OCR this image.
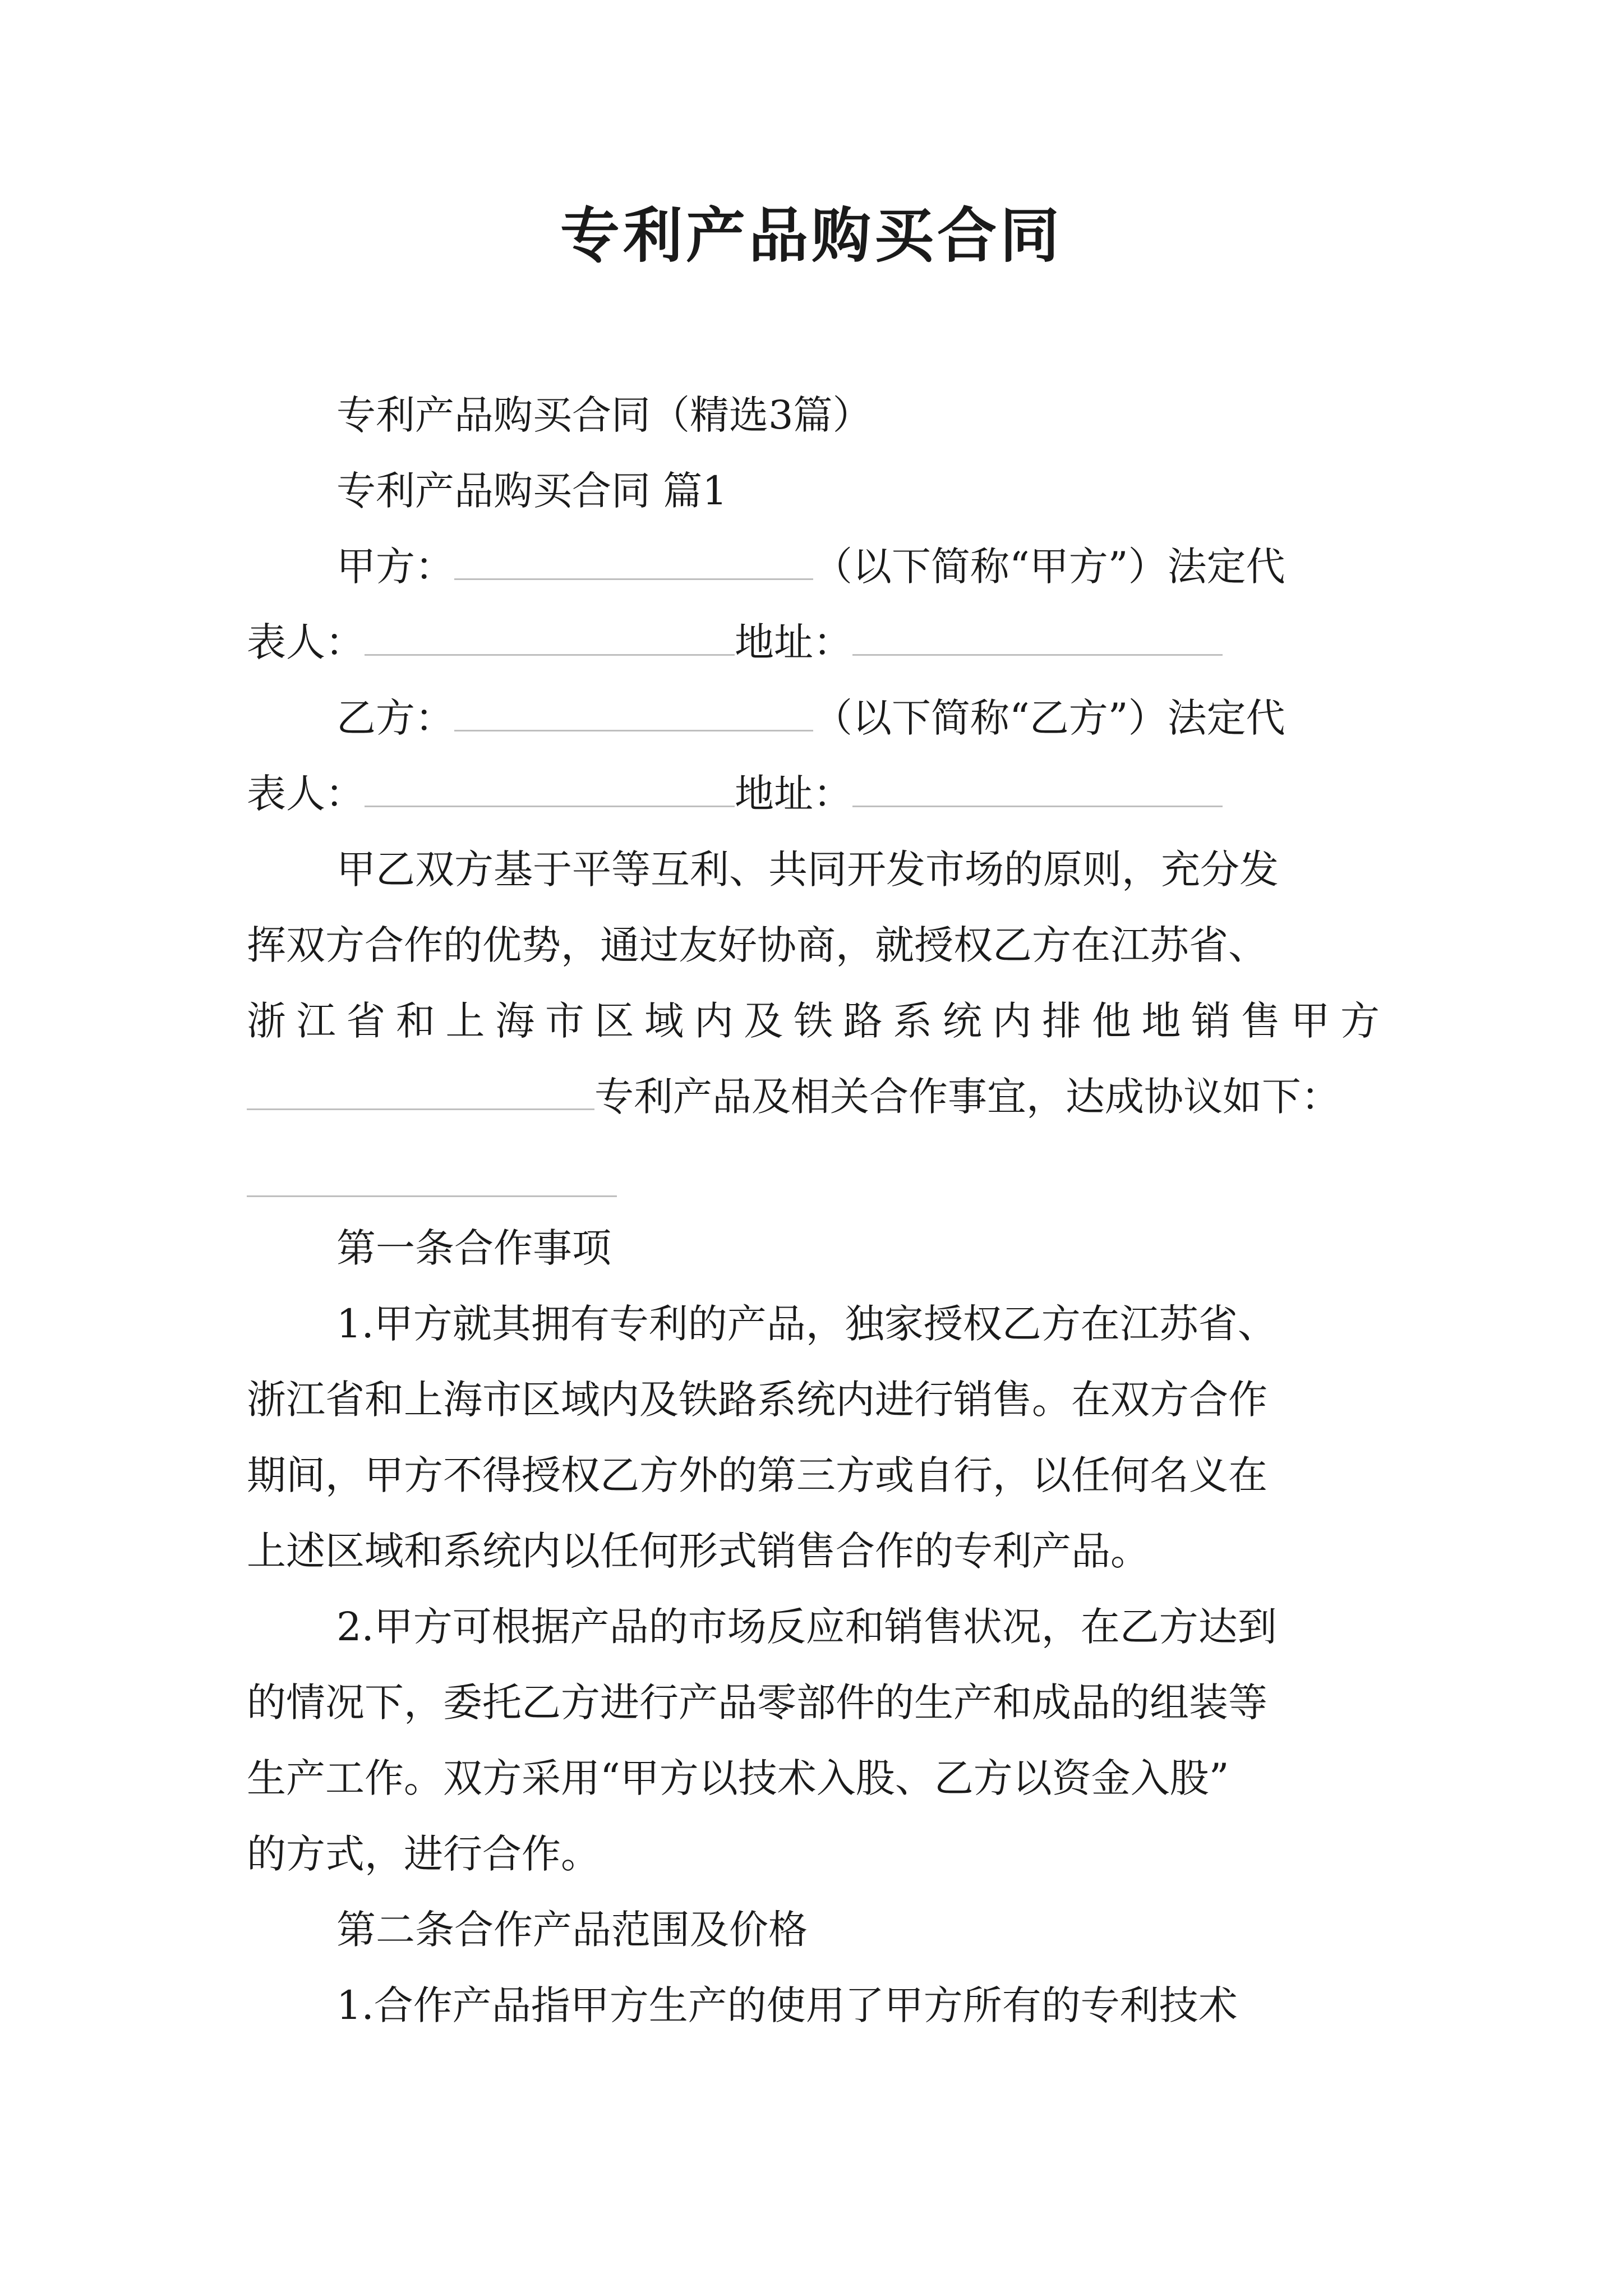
专利产品购买合同
专利产品购买合同（精选3篇）
专利产品购买合同 篇1
甲方：	（以下简称“甲方”）法定代
表人：	地址：
乙方：	（以下简称“乙方”）法定代
表人：	地址：
甲乙双方基于平等互利、共同开发市场的原则，充分发
挥双方合作的优势，通过友好协商，就授权乙方在江苏省、
浙江省和上海市区域内及铁路系统内排他地销售甲方
专利产品及相关合作事宜，达成协议如下：
第一条合作事项
1.甲方就其拥有专利的产品，独家授权乙方在江苏省、
浙江省和上海市区域内及铁路系统内进行销售。在双方合作
期间，甲方不得授权乙方外的第三方或自行，以任何名义在
上述区域和系统内以任何形式销售合作的专利产品。
2.甲方可根据产品的市场反应和销售状况，在乙方达到
的情况下，委托乙方进行产品零部件的生产和成品的组装等
生产工作。双方采用“甲方以技术入股、乙方以资金入股”
的方式，进行合作。
第二条合作产品范围及价格
1.合作产品指甲方生产的使用了甲方所有的专利技术
